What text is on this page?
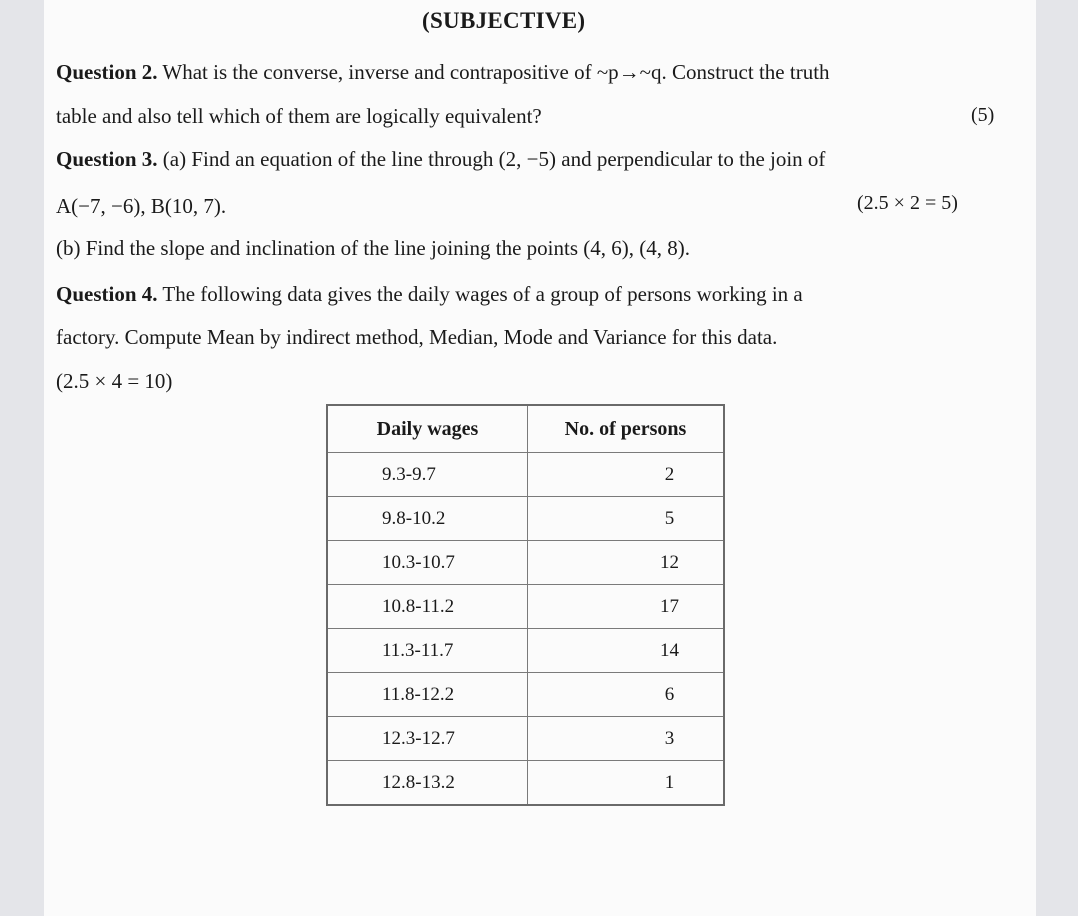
(SUBJECTIVE)
Question 2. What is the converse, inverse and contrapositive of ~p→~q. Construct the truth
table and also tell which of them are logically equivalent?	(5)
Question 3. (a) Find an equation of the line through (2, −5) and perpendicular to the join of
A(−7, −6), B(10, 7).	(2.5 × 2 = 5)
(b) Find the slope and inclination of the line joining the points (4, 6), (4, 8).
Question 4. The following data gives the daily wages of a group of persons working in a
factory. Compute Mean by indirect method, Median, Mode and Variance for this data.
(2.5 × 4 = 10)
Daily wages	No. of persons
9.3-9.7	2
9.8-10.2	5
10.3-10.7	12
10.8-11.2	17
11.3-11.7	14
11.8-12.2	6
12.3-12.7	3
12.8-13.2	1
